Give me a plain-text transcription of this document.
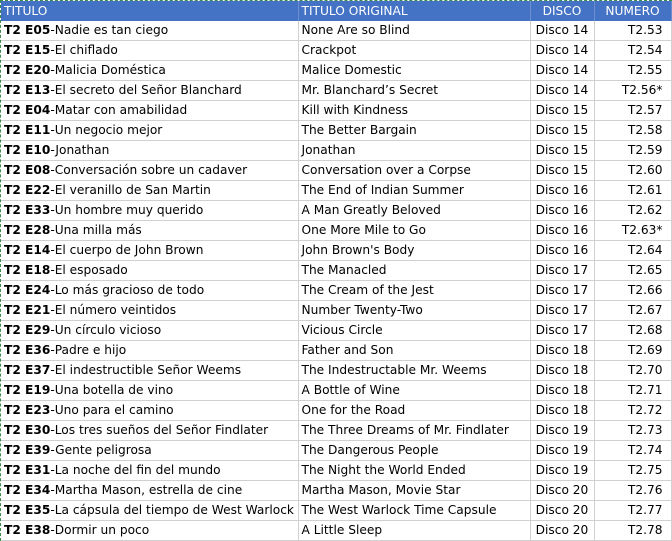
TITULO	TITULO ORIGINAL	DISCO	NUMERO
T2 E05-Nadie es tan ciego	None Are so Blind	Disco 14	T2.53
T2 E15-El chiflado	Crackpot	Disco 14	T2.54
T2 E20-Malicia Doméstica	Malice Domestic	Disco 14	T2.55
T2 E13-El secreto del Señor Blanchard	Mr. Blanchard’s Secret	Disco 14	T2.56*
T2 E04-Matar con amabilidad	Kill with Kindness	Disco 15	T2.57
T2 E11-Un negocio mejor	The Better Bargain	Disco 15	T2.58
T2 E10-Jonathan	Jonathan	Disco 15	T2.59
T2 E08-Conversación sobre un cadaver	Conversation over a Corpse	Disco 15	T2.60
T2 E22-El veranillo de San Martin	The End of Indian Summer	Disco 16	T2.61
T2 E33-Un hombre muy querido	A Man Greatly Beloved	Disco 16	T2.62
T2 E28-Una milla más	One More Mile to Go	Disco 16	T2.63*
T2 E14-El cuerpo de John Brown	John Brown's Body	Disco 16	T2.64
T2 E18-El esposado	The Manacled	Disco 17	T2.65
T2 E24-Lo más gracioso de todo	The Cream of the Jest	Disco 17	T2.66
T2 E21-El número veintidos	Number Twenty-Two	Disco 17	T2.67
T2 E29-Un círculo vicioso	Vicious Circle	Disco 17	T2.68
T2 E36-Padre e hijo	Father and Son	Disco 18	T2.69
T2 E37-El indestructible Señor Weems	The Indestructable Mr. Weems	Disco 18	T2.70
T2 E19-Una botella de vino	A Bottle of Wine	Disco 18	T2.71
T2 E23-Uno para el camino	One for the Road	Disco 18	T2.72
T2 E30-Los tres sueños del Señor Findlater	The Three Dreams of Mr. Findlater	Disco 19	T2.73
T2 E39-Gente peligrosa	The Dangerous People	Disco 19	T2.74
T2 E31-La noche del fin del mundo	The Night the World Ended	Disco 19	T2.75
T2 E34-Martha Mason, estrella de cine	Martha Mason, Movie Star	Disco 20	T2.76
T2 E35-La cápsula del tiempo de West Warlock	The West Warlock Time Capsule	Disco 20	T2.77
T2 E38-Dormir un poco	A Little Sleep	Disco 20	T2.78
